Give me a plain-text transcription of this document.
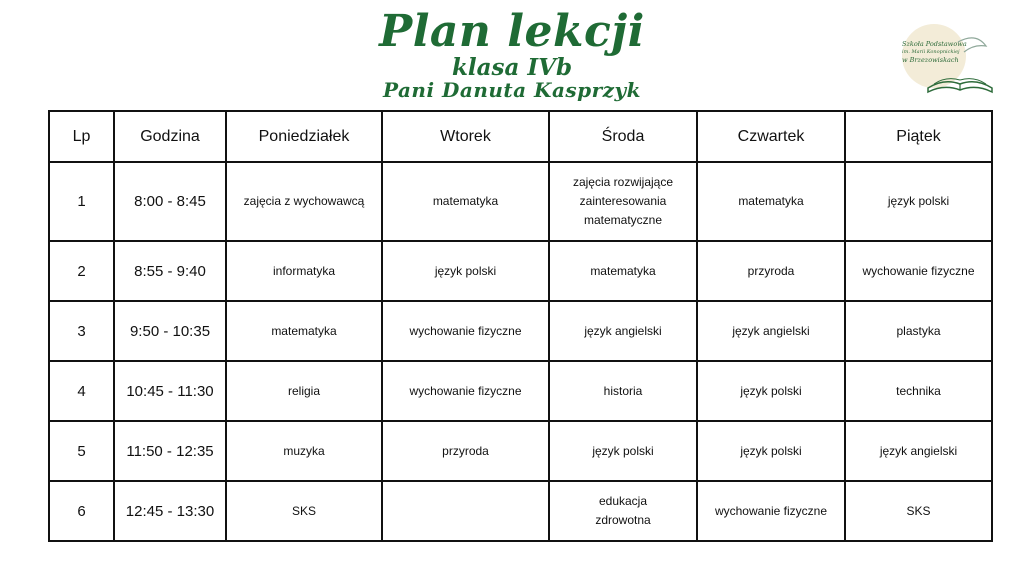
Plan lekcji
klasa IVb
Pani Danuta Kasprzyk
Szkoła Podstawowa
im. Marii Konopnickiej
w Brzezowiskach
Lp	Godzina	Poniedziałek	Wtorek	Środa	Czwartek	Piątek
1	8:00 - 8:45	zajęcia z wychowawcą	matematyka	zajęcia rozwijające zainteresowania matematyczne	matematyka	język polski
2	8:55 - 9:40	informatyka	język polski	matematyka	przyroda	wychowanie fizyczne
3	9:50 - 10:35	matematyka	wychowanie fizyczne	język angielski	język angielski	plastyka
4	10:45 - 11:30	religia	wychowanie fizyczne	historia	język polski	technika
5	11:50 - 12:35	muzyka	przyroda	język polski	język polski	język angielski
6	12:45 - 13:30	SKS		edukacja zdrowotna	wychowanie fizyczne	SKS
